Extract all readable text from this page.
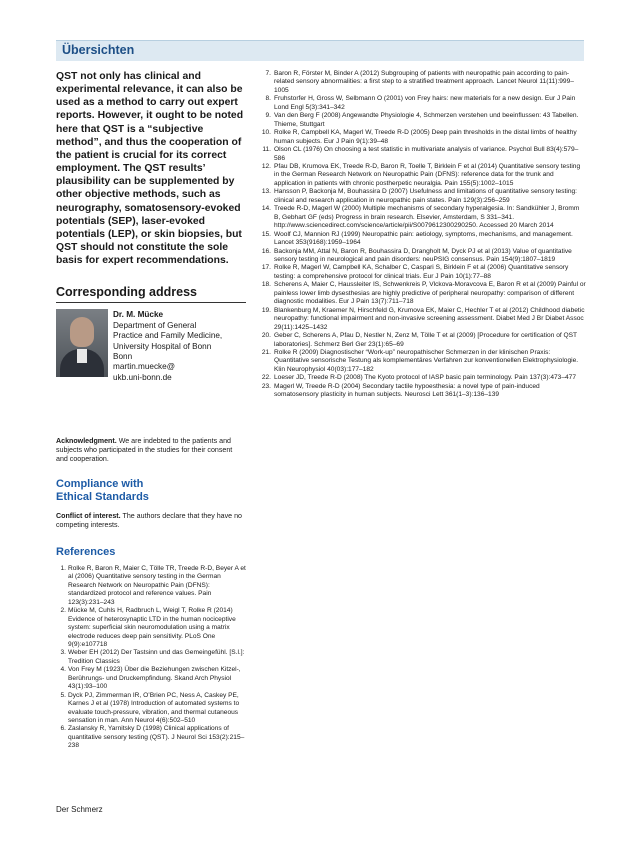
Übersichten

QST not only has clinical and experimental relevance, it can also be used as a method to carry out expert reports. However, it ought to be noted here that QST is a “subjective method”, and thus the cooperation of the patient is crucial for its correct employment. The QST results’ plausibility can be supplemented by other objective methods, such as neurography, somatosensory-evoked potentials (SEP), laser-evoked potentials (LEP), or skin biopsies, but QST should not constitute the sole basis for expert recommendations.

Corresponding address
Dr. M. Mücke
Department of General
Practice and Family Medicine,
University Hospital of Bonn
Bonn
martin.muecke@
ukb.uni-bonn.de

Acknowledgment. We are indebted to the patients and subjects who participated in the studies for their consent and cooperation.

Compliance with
Ethical Standards

Conflict of interest. The authors declare that they have no competing interests.

References
1. Rolke R, Baron R, Maier C, Tölle TR, Treede R-D, Beyer A et al (2006) Quantitative sensory testing in the German Research Network on Neuropathic Pain (DFNS): standardized protocol and reference values. Pain 123(3):231–243
2. Mücke M, Cuhls H, Radbruch L, Weigl T, Rolke R (2014) Evidence of heterosynaptic LTD in the human nociceptive system: superficial skin neuromodulation using a matrix electrode reduces deep pain sensitivity. PLoS One 9(9):e107718
3. Weber EH (2012) Der Tastsinn und das Gemeingefühl. [S.l.]: Tredition Classics
4. Von Frey M (1923) Über die Beziehungen zwischen Kitzel-, Berührungs- und Druckempfindung. Skand Arch Physiol 43(1):93–100
5. Dyck PJ, Zimmerman IR, O’Brien PC, Ness A, Caskey PE, Karnes J et al (1978) Introduction of automated systems to evaluate touch-pressure, vibration, and thermal cutaneous sensation in man. Ann Neurol 4(6):502–510
6. Zaslansky R, Yarnitsky D (1998) Clinical applications of quantitative sensory testing (QST). J Neurol Sci 153(2):215–238
7. Baron R, Förster M, Binder A (2012) Subgrouping of patients with neuropathic pain according to pain-related sensory abnormalities: a first step to a stratified treatment approach. Lancet Neurol 11(11):999–1005
8. Fruhstorfer H, Gross W, Selbmann O (2001) von Frey hairs: new materials for a new design. Eur J Pain Lond Engl 5(3):341–342
9. Van den Berg F (2008) Angewandte Physiologie 4, Schmerzen verstehen und beeinflussen: 43 Tabellen. Thieme, Stuttgart
10. Rolke R, Campbell KA, Magerl W, Treede R-D (2005) Deep pain thresholds in the distal limbs of healthy human subjects. Eur J Pain 9(1):39–48
11. Olson CL (1976) On choosing a test statistic in multivariate analysis of variance. Psychol Bull 83(4):579–586
12. Pfau DB, Krumova EK, Treede R-D, Baron R, Toelle T, Birklein F et al (2014) Quantitative sensory testing in the German Research Network on Neuropathic Pain (DFNS): reference data for the trunk and application in patients with chronic postherpetic neuralgia. Pain 155(5):1002–1015
13. Hansson P, Backonja M, Bouhassira D (2007) Usefulness and limitations of quantitative sensory testing: clinical and research application in neuropathic pain states. Pain 129(3):256–259
14. Treede R-D, Magerl W (2000) Multiple mechanisms of secondary hyperalgesia. In: Sandkühler J, Bromm B, Gebhart GF (eds) Progress in brain research. Elsevier, Amsterdam, S 331–341. http://www.sciencedirect.com/science/article/pii/S0079612300290250. Accessed 20 March 2014
15. Woolf CJ, Mannion RJ (1999) Neuropathic pain: aetiology, symptoms, mechanisms, and management. Lancet 353(9168):1959–1964
16. Backonja MM, Attal N, Baron R, Bouhassira D, Drangholt M, Dyck PJ et al (2013) Value of quantitative sensory testing in neurological and pain disorders: neuPSIG consensus. Pain 154(9):1807–1819
17. Rolke R, Magerl W, Campbell KA, Schalber C, Caspari S, Birklein F et al (2006) Quantitative sensory testing: a comprehensive protocol for clinical trials. Eur J Pain 10(1):77–88
18. Scherens A, Maier C, Haussleiter IS, Schwenkreis P, Vlckova-Moravcova E, Baron R et al (2009) Painful or painless lower limb dysesthesias are highly predictive of peripheral neuropathy: comparison of different diagnostic modalities. Eur J Pain 13(7):711–718
19. Blankenburg M, Kraemer N, Hirschfeld G, Krumova EK, Maier C, Hechler T et al (2012) Childhood diabetic neuropathy: functional impairment and non-invasive screening assessment. Diabet Med J Br Diabet Assoc 29(11):1425–1432
20. Geber C, Scherens A, Pfau D, Nestler N, Zenz M, Tölle T et al (2009) [Procedure for certification of QST laboratories]. Schmerz Berl Ger 23(1):65–69
21. Rolke R (2009) Diagnostischer “Work-up” neuropathischer Schmerzen in der klinischen Praxis: Quantitative sensorische Testung als komplementäres Verfahren zur konventionellen Elektrophysiologie. Klin Neurophysiol 40(03):177–182
22. Loeser JD, Treede R-D (2008) The Kyoto protocol of IASP basic pain terminology. Pain 137(3):473–477
23. Magerl W, Treede R-D (2004) Secondary tactile hypoesthesia: a novel type of pain-induced somatosensory plasticity in human subjects. Neurosci Lett 361(1–3):136–139
Der Schmerz
